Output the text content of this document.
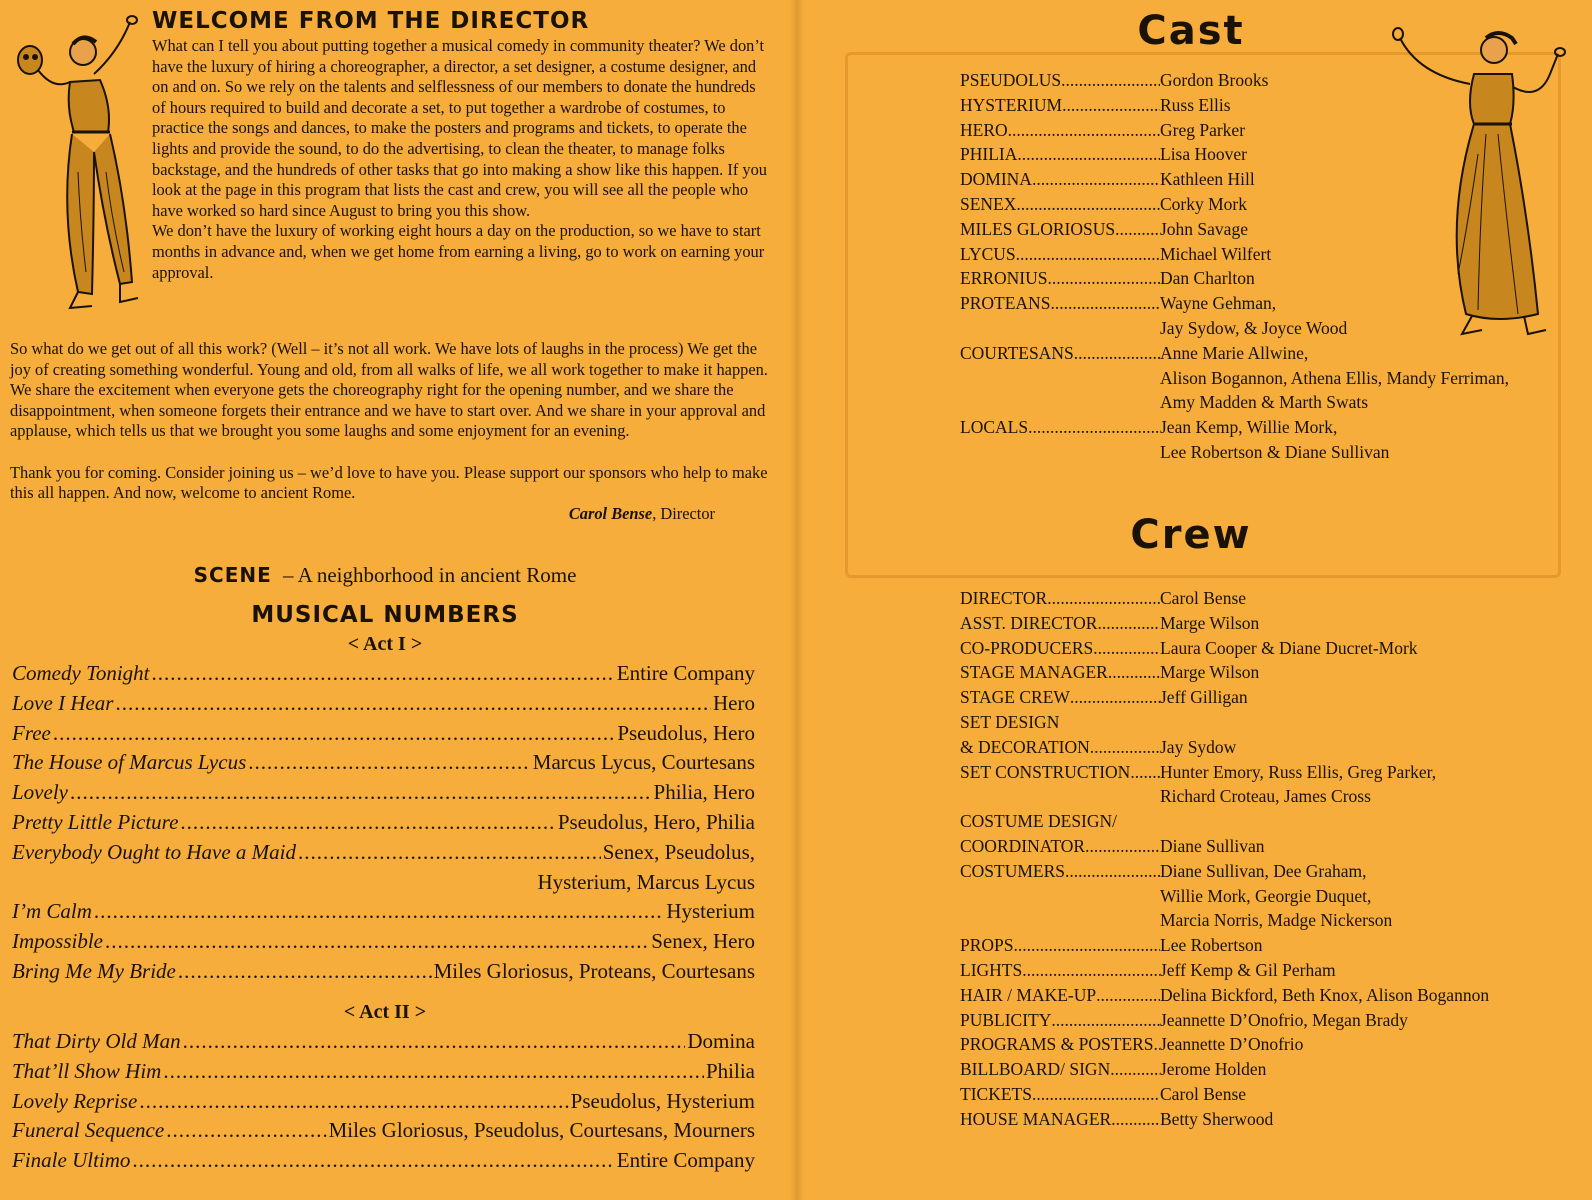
WELCOME FROM THE DIRECTOR

What can I tell you about putting together a musical comedy in community theater? We don’t have the luxury of hiring a choreographer, a director, a set designer, a costume designer, and on and on. So we rely on the talents and selflessness of our members to donate the hundreds of hours required to build and decorate a set, to put together a wardrobe of costumes, to practice the songs and dances, to make the posters and programs and tickets, to operate the lights and provide the sound, to do the advertising, to clean the theater, to manage folks backstage, and the hundreds of other tasks that go into making a show like this happen. If you look at the page in this program that lists the cast and crew, you will see all the people who have worked so hard since August to bring you this show.

We don’t have the luxury of working eight hours a day on the production, so we have to start months in advance and, when we get home from earning a living, go to work on earning your approval.

So what do we get out of all this work? (Well – it’s not all work. We have lots of laughs in the process) We get the joy of creating something wonderful. Young and old, from all walks of life, we all work together to make it happen. We share the excitement when everyone gets the choreography right for the opening number, and we share the disappointment, when someone forgets their entrance and we have to start over. And we share in your approval and applause, which tells us that we brought you some laughs and some enjoyment for an evening.

Thank you for coming. Consider joining us – we’d love to have you. Please support our sponsors who help to make this all happen. And now, welcome to ancient Rome.

Carol Bense, Director
SCENE – A neighborhood in ancient Rome
MUSICAL NUMBERS
< Act I >
Comedy Tonight .....	Entire Company
Love I Hear .....	Hero
Free .....	Pseudolus, Hero
The House of Marcus Lycus .....	Marcus Lycus, Courtesans
Lovely .....	Philia, Hero
Pretty Little Picture .....	Pseudolus, Hero, Philia
Everybody Ought to Have a Maid .....	Senex, Pseudolus,
Hysterium, Marcus Lycus
I’m Calm .....	Hysterium
Impossible .....	Senex, Hero
Bring Me My Bride .....	Miles Gloriosus, Proteans, Courtesans
< Act II >
That Dirty Old Man .....	Domina
That’ll Show Him .....	Philia
Lovely Reprise .....	Pseudolus, Hysterium
Funeral Sequence .....	Miles Gloriosus, Pseudolus, Courtesans, Mourners
Finale Ultimo .....	Entire Company
Cast
PSEUDOLUS .....	Gordon Brooks
HYSTERIUM .....	Russ Ellis
HERO .....	Greg Parker
PHILIA .....	Lisa Hoover
DOMINA .....	Kathleen Hill
SENEX .....	Corky Mork
MILES GLORIOSUS .....	John Savage
LYCUS .....	Michael Wilfert
ERRONIUS .....	Dan Charlton
PROTEANS .....	Wayne Gehman,
Jay Sydow, & Joyce Wood
COURTESANS .....	Anne Marie Allwine,
Alison Bogannon, Athena Ellis, Mandy Ferriman,
Amy Madden & Marth Swats
LOCALS .....	Jean Kemp, Willie Mork,
Lee Robertson & Diane Sullivan
Crew
DIRECTOR .....	Carol Bense
ASST. DIRECTOR .....	Marge Wilson
CO-PRODUCERS .....	Laura Cooper & Diane Ducret-Mork
STAGE MANAGER .....	Marge Wilson
STAGE CREW .....	Jeff Gilligan
SET DESIGN
& DECORATION .....	Jay Sydow
SET CONSTRUCTION ..... Hunter Emory, Russ Ellis, Greg Parker,
Richard Croteau, James Cross
COSTUME DESIGN/
COORDINATOR .....	Diane Sullivan
COSTUMERS .....	Diane Sullivan, Dee Graham,
Willie Mork, Georgie Duquet,
Marcia Norris, Madge Nickerson
PROPS .....	Lee Robertson
LIGHTS .....	Jeff Kemp & Gil Perham
HAIR / MAKE-UP .....	Delina Bickford, Beth Knox, Alison Bogannon
PUBLICITY .....	Jeannette D’Onofrio, Megan Brady
PROGRAMS & POSTERS ..... Jeannette D’Onofrio
BILLBOARD/ SIGN .....	Jerome Holden
TICKETS .....	Carol Bense
HOUSE MANAGER .....	Betty Sherwood
